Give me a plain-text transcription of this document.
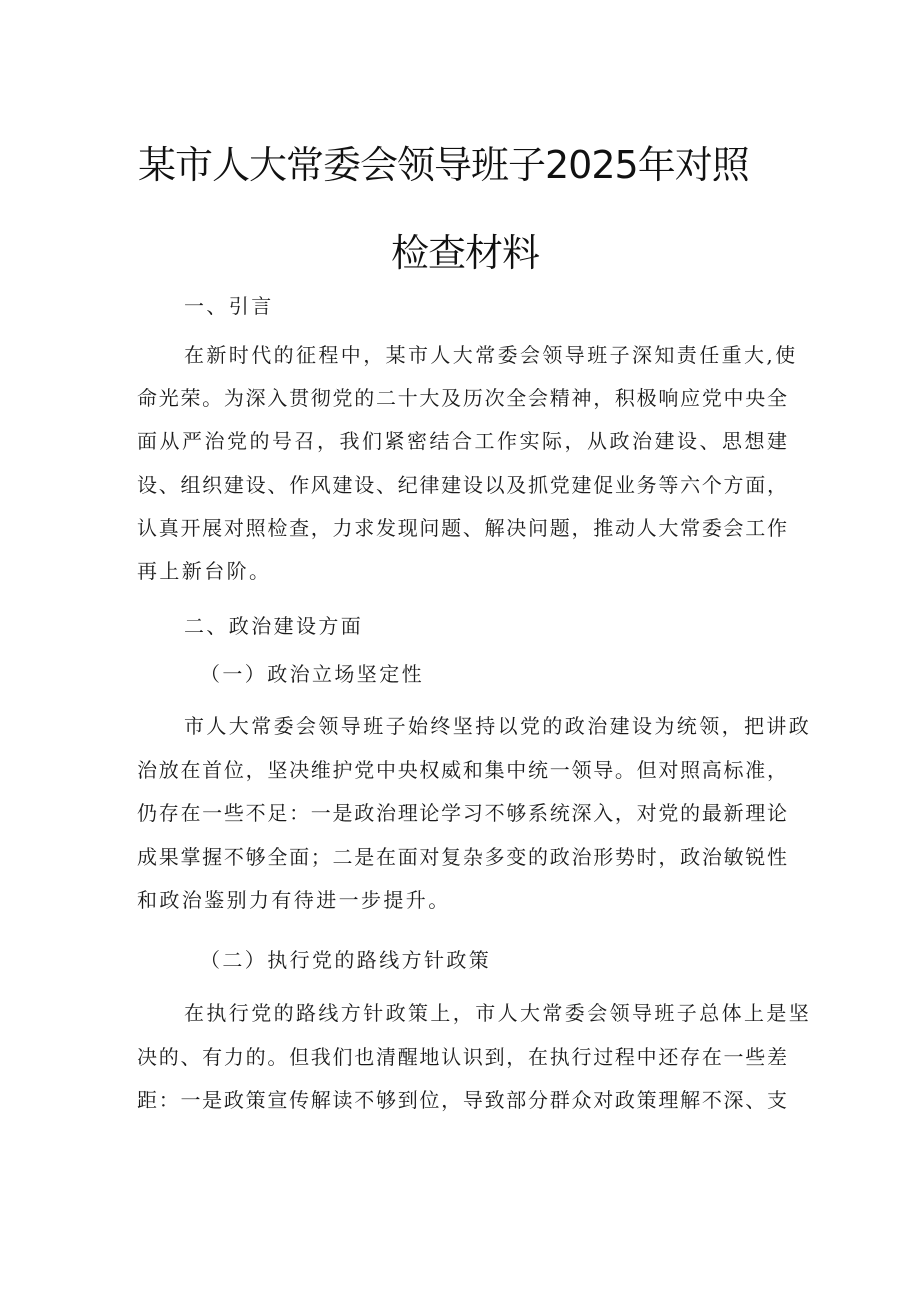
某市人大常委会领导班子2025年对照
检查材料
一、引言
在新时代的征程中，某市人大常委会领导班子深知责任重大,使
命光荣。为深入贯彻党的二十大及历次全会精神，积极响应党中央全
面从严治党的号召，我们紧密结合工作实际，从政治建设、思想建
设、组织建设、作风建设、纪律建设以及抓党建促业务等六个方面，
认真开展对照检查，力求发现问题、解决问题，推动人大常委会工作
再上新台阶。
二、政治建设方面
（一）政治立场坚定性
市人大常委会领导班子始终坚持以党的政治建设为统领，把讲政
治放在首位，坚决维护党中央权威和集中统一领导。但对照高标准，
仍存在一些不足：一是政治理论学习不够系统深入，对党的最新理论
成果掌握不够全面；二是在面对复杂多变的政治形势时，政治敏锐性
和政治鉴别力有待进一步提升。
（二）执行党的路线方针政策
在执行党的路线方针政策上，市人大常委会领导班子总体上是坚
决的、有力的。但我们也清醒地认识到，在执行过程中还存在一些差
距：一是政策宣传解读不够到位，导致部分群众对政策理解不深、支
